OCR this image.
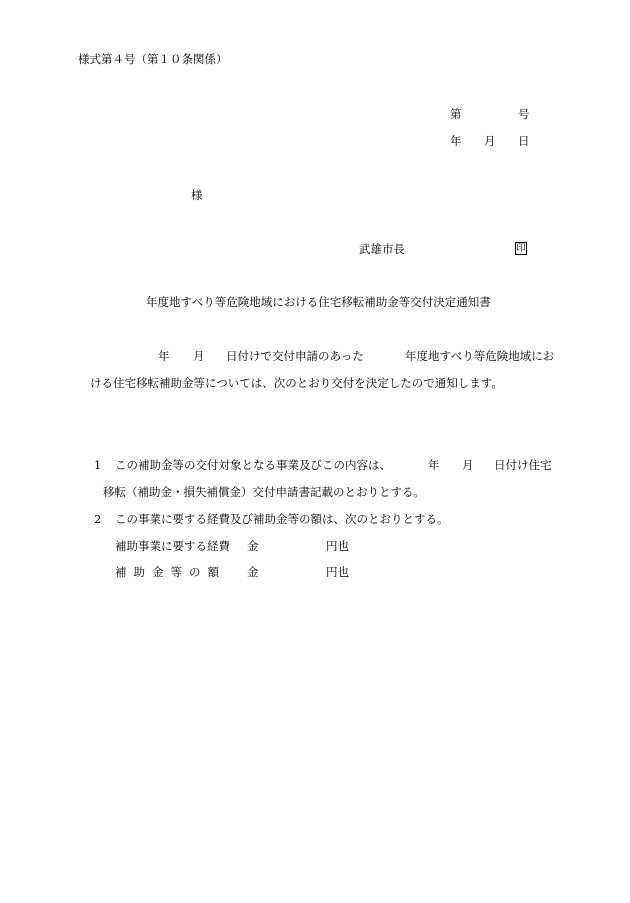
様式第４号（第１０条関係）
第	号
年 月 日
様
武雄市長	印
年度地すべり等危険地域における住宅移転補助金等交付決定通知書
年 月 日付けで交付申請のあった	年度地すべり等危険地域にお
ける住宅移転補助金等については、次のとおり交付を決定したので通知します。
1 この補助金等の交付対象となる事業及びこの内容は、	年 月 日付け住宅
移転（補助金・損失補償金）交付申請書記載のとおりとする。
2 この事業に要する経費及び補助金等の額は、次のとおりとする。
補助事業に要する経費 金	円也
補助金等の額 金	円也
